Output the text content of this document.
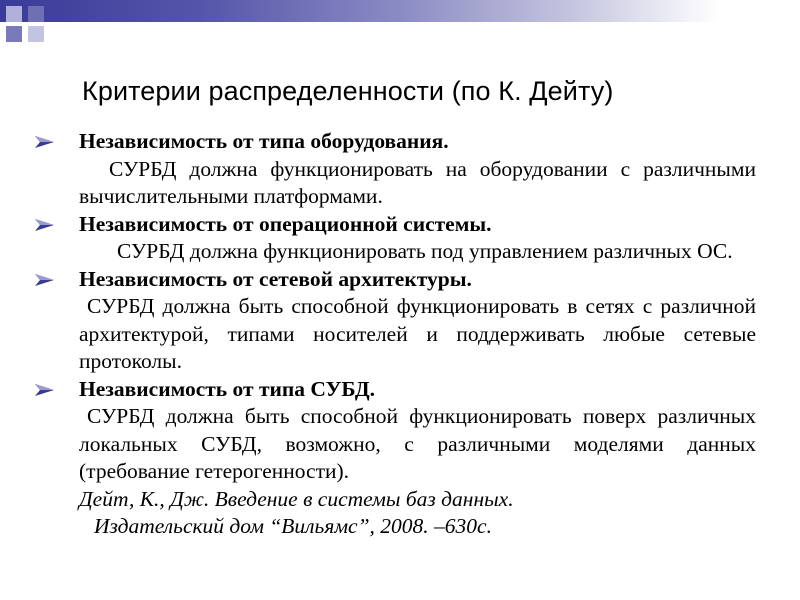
Критерии распределенности (по К. Дейту)
Независимость от типа оборудования.
СУРБД должна функционировать на оборудовании с различными вычислительными платформами.
Независимость от операционной системы.
СУРБД должна функционировать под управлением различных ОС.
Независимость от сетевой архитектуры.
СУРБД должна быть способной функционировать в сетях с различной архитектурой, типами носителей и поддерживать любые сетевые протоколы.
Независимость от типа СУБД.
СУРБД должна быть способной функционировать поверх различных локальных СУБД, возможно, с различными моделями данных (требование гетерогенности).
Дейт, К., Дж. Введение в системы баз данных.
Издательский дом “Вильямс”, 2008. –630с.
